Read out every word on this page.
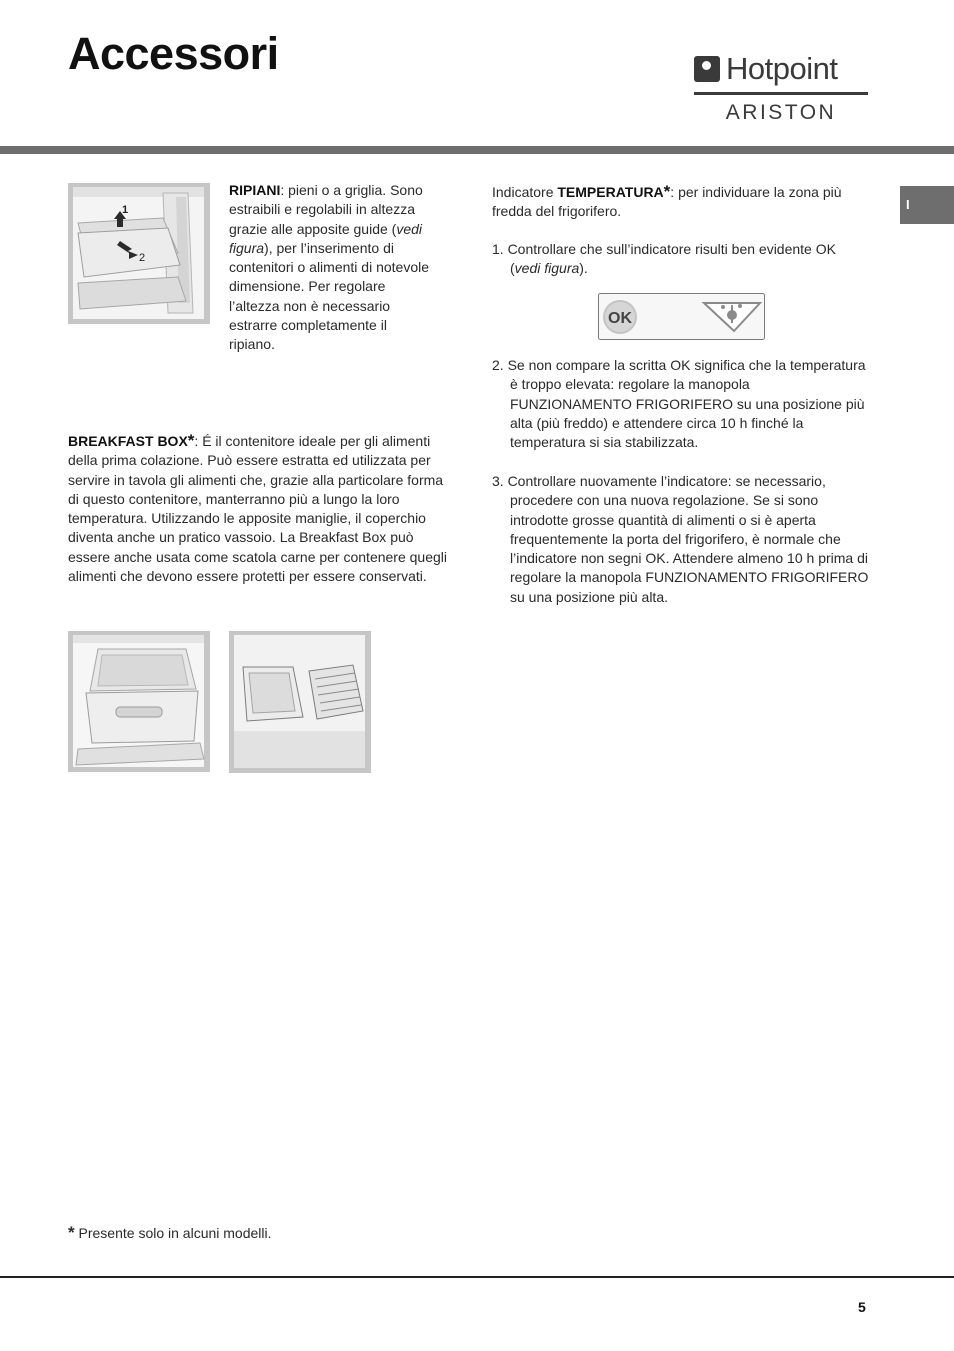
Accessori	Hotpoint
ARISTON
I
1
2
RIPIANI: pieni o a griglia. Sono estraibili e regolabili in altezza grazie alle apposite guide (vedi figura), per l’inserimento di contenitori o alimenti di notevole dimensione. Per regolare l’altezza non è necessario estrarre completamente il ripiano.
BREAKFAST BOX*: É il contenitore ideale per gli alimenti della prima colazione. Può essere estratta ed utilizzata per servire in tavola gli alimenti che, grazie alla particolare forma di questo contenitore, manterranno più a lungo la loro temperatura. Utilizzando le apposite maniglie, il coperchio diventa anche un pratico vassoio. La Breakfast Box può essere anche usata come scatola carne per contenere quegli alimenti che devono essere protetti per essere conservati.
Indicatore TEMPERATURA*: per individuare la zona più fredda del frigorifero.
1. Controllare che sull’indicatore risulti ben evidente OK (vedi figura).
OK
2. Se non compare la scritta OK significa che la temperatura è troppo elevata: regolare la manopola FUNZIONAMENTO FRIGORIFERO su una posizione più alta (più freddo) e attendere circa 10 h finché la temperatura si sia stabilizzata.
3. Controllare nuovamente l’indicatore: se necessario, procedere con una nuova regolazione. Se si sono introdotte grosse quantità di alimenti o si è aperta frequentemente la porta del frigorifero, è normale che l’indicatore non segni OK. Attendere almeno 10 h prima di regolare la manopola FUNZIONAMENTO FRIGORIFERO su una posizione più alta.
* Presente solo in alcuni modelli.
5
